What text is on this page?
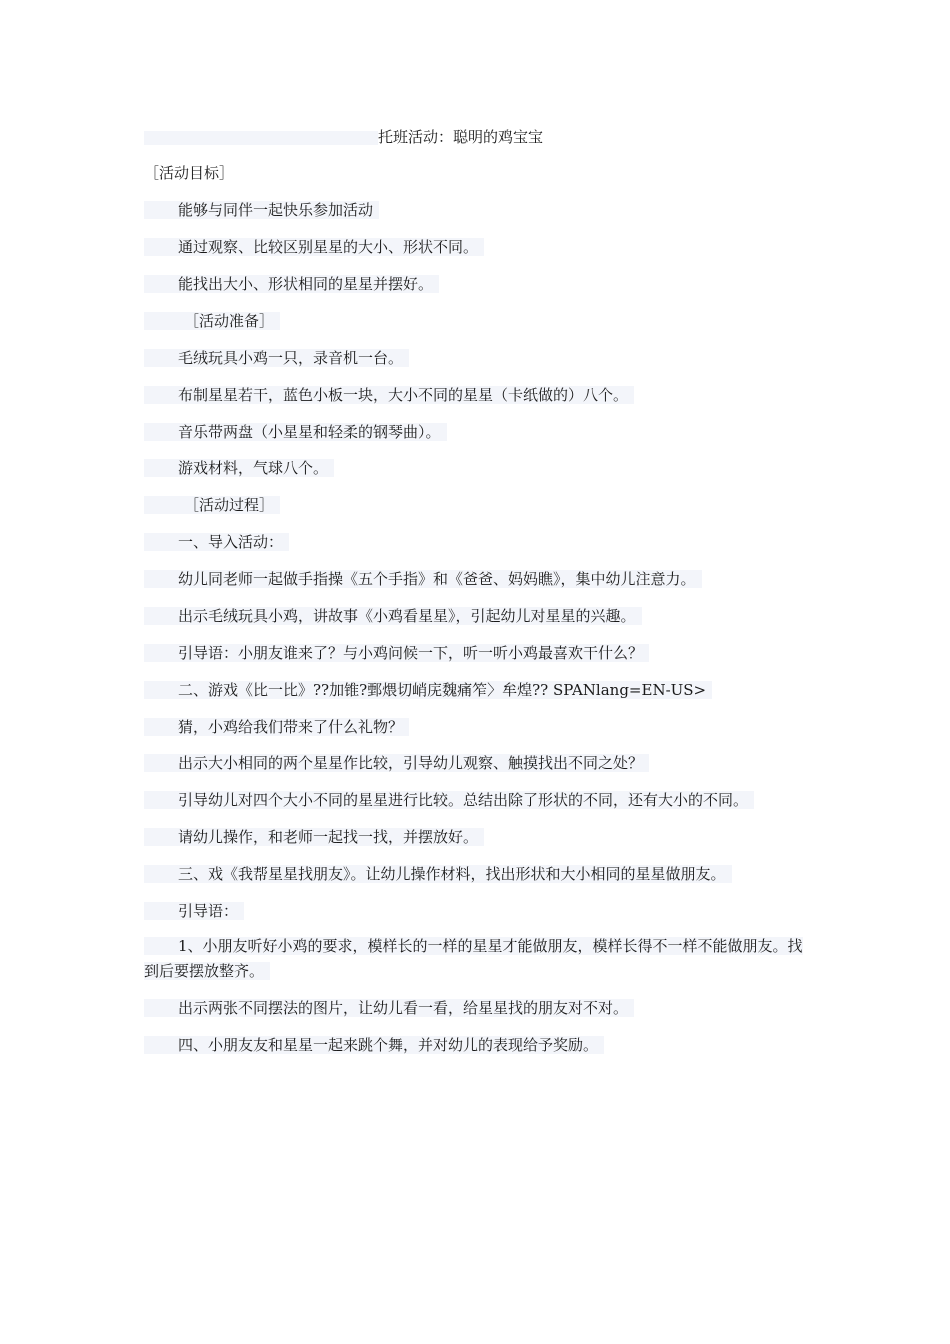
托班活动：聪明的鸡宝宝
［活动目标］
能够与同伴一起快乐参加活动
通过观察、比较区别星星的大小、形状不同。
能找出大小、形状相同的星星并摆好。
［活动准备］
毛绒玩具小鸡一只，录音机一台。
布制星星若干，蓝色小板一块，大小不同的星星（卡纸做的）八个。
音乐带两盘（小星星和轻柔的钢琴曲）。
游戏材料，气球八个。
［活动过程］
一、导入活动：
幼儿同老师一起做手指操《五个手指》和《爸爸、妈妈瞧》，集中幼儿注意力。
出示毛绒玩具小鸡，讲故事《小鸡看星星》，引起幼儿对星星的兴趣。
引导语：小朋友谁来了？与小鸡问候一下，听一听小鸡最喜欢干什么？
二、游戏《比一比》??加锥?鄄煨切峭庑魏痛笮〉牟煌?? SPANlang=EN-US>
猜，小鸡给我们带来了什么礼物？
出示大小相同的两个星星作比较，引导幼儿观察、触摸找出不同之处？
引导幼儿对四个大小不同的星星进行比较。总结出除了形状的不同，还有大小的不同。
请幼儿操作，和老师一起找一找，并摆放好。
三、戏《我帮星星找朋友》。让幼儿操作材料，找出形状和大小相同的星星做朋友。
引导语：
1、小朋友听好小鸡的要求，模样长的一样的星星才能做朋友，模样长得不一样不能做朋友。找到后要摆放整齐。
出示两张不同摆法的图片，让幼儿看一看，给星星找的朋友对不对。
四、小朋友友和星星一起来跳个舞，并对幼儿的表现给予奖励。
